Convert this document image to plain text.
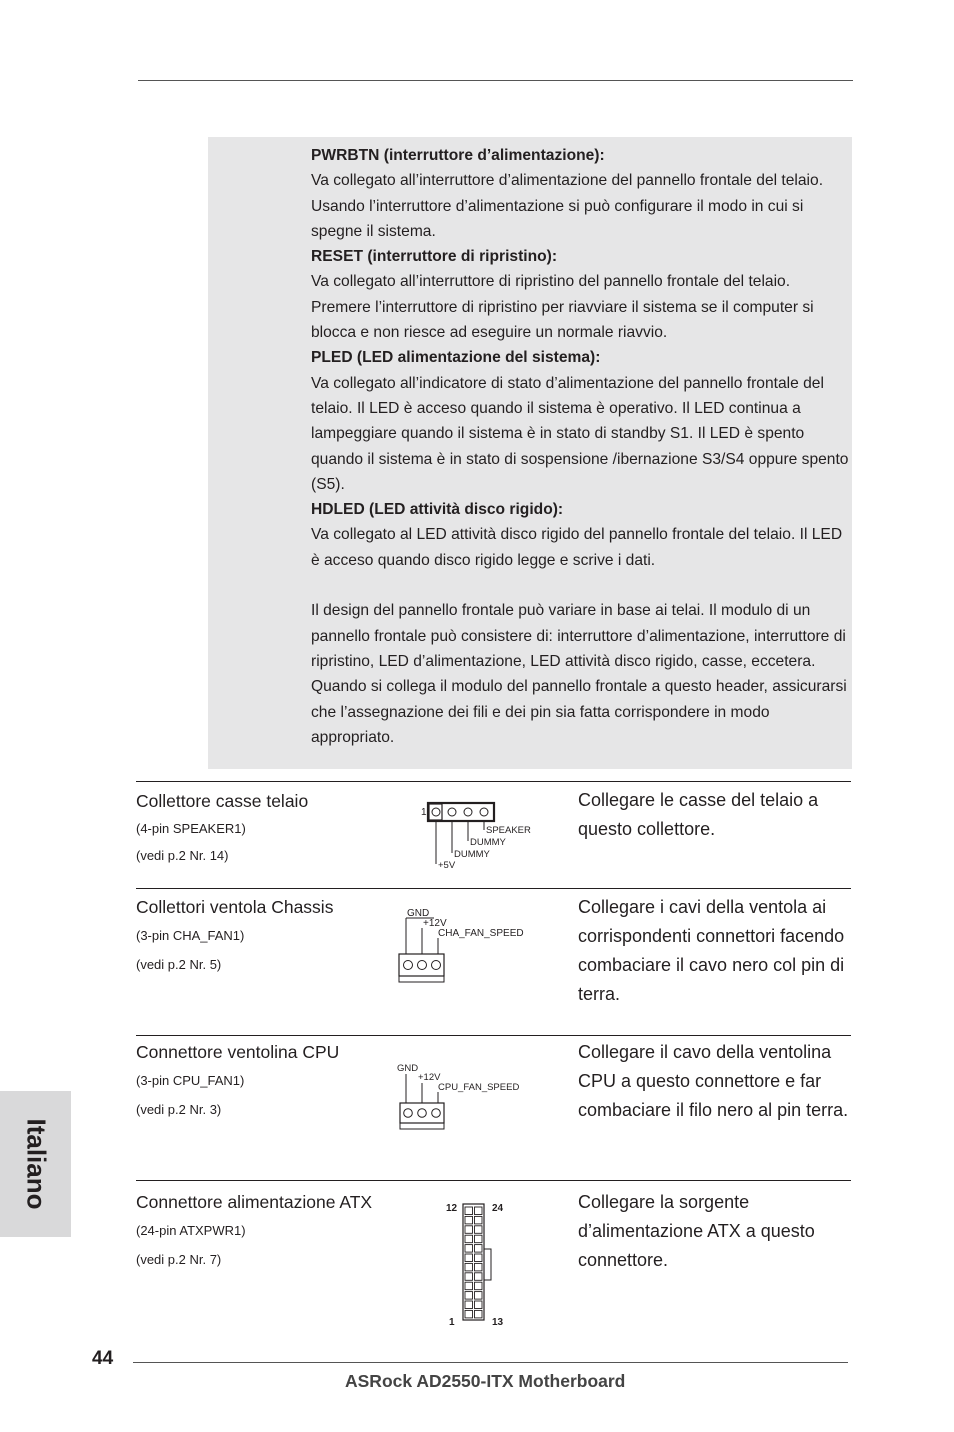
PWRBTN (interruttore d’alimentazione):

Va collegato all’interruttore d’alimentazione del pannello frontale del telaio. Usando l’interruttore d’alimentazione si può configurare il modo in cui si spegne il sistema.

RESET (interruttore di ripristino):

Va collegato all’interruttore di ripristino del pannello frontale del telaio. Premere l’interruttore di ripristino per riavviare il sistema se il computer si blocca e non riesce ad eseguire un normale riavvio.

PLED (LED alimentazione del sistema):

Va collegato all’indicatore di stato d’alimentazione del pannello frontale del telaio. Il LED è acceso quando il sistema è operativo. Il LED continua a lampeggiare quando il sistema è in stato di standby S1. Il LED è spento quando il sistema è in stato di sospensione /ibernazione S3/S4 oppure spento (S5).

HDLED (LED attività disco rigido):

Va collegato al LED attività disco rigido del pannello frontale del telaio. Il LED è acceso quando disco rigido legge e scrive i dati.

Il design del pannello frontale può variare in base ai telai. Il modulo di un pannello frontale può consistere di: interruttore d’alimentazione, interruttore di ripristino, LED d’alimentazione, LED attività disco rigido, casse, eccetera. Quando si collega il modulo del pannello frontale a questo header, assicurarsi che l’assegnazione dei fili e dei pin sia fatta corrispondere in modo appropriato.

Italiano
Collettore casse telaio
(4-pin SPEAKER1)
(vedi p.2 Nr. 14)
Collegare le casse del telaio a questo collettore.
1
SPEAKER
DUMMY
DUMMY
+5V
Collettori ventola Chassis
(3-pin CHA_FAN1)
(vedi p.2 Nr. 5)
Collegare i cavi della ventola ai corrispondenti connettori facendo combaciare il cavo nero col pin di terra.
GND
+12V
CHA_FAN_SPEED
Connettore ventolina CPU
(3-pin CPU_FAN1)
(vedi p.2 Nr. 3)
Collegare il cavo della ventolina CPU a questo connettore e far combaciare il filo nero al pin terra.
GND
+12V
CPU_FAN_SPEED
Connettore alimentazione ATX
(24-pin ATXPWR1)
(vedi p.2 Nr. 7)
Collegare la sorgente d’alimentazione ATX a questo connettore.
12	24
1	13
44
ASRock AD2550-ITX Motherboard
